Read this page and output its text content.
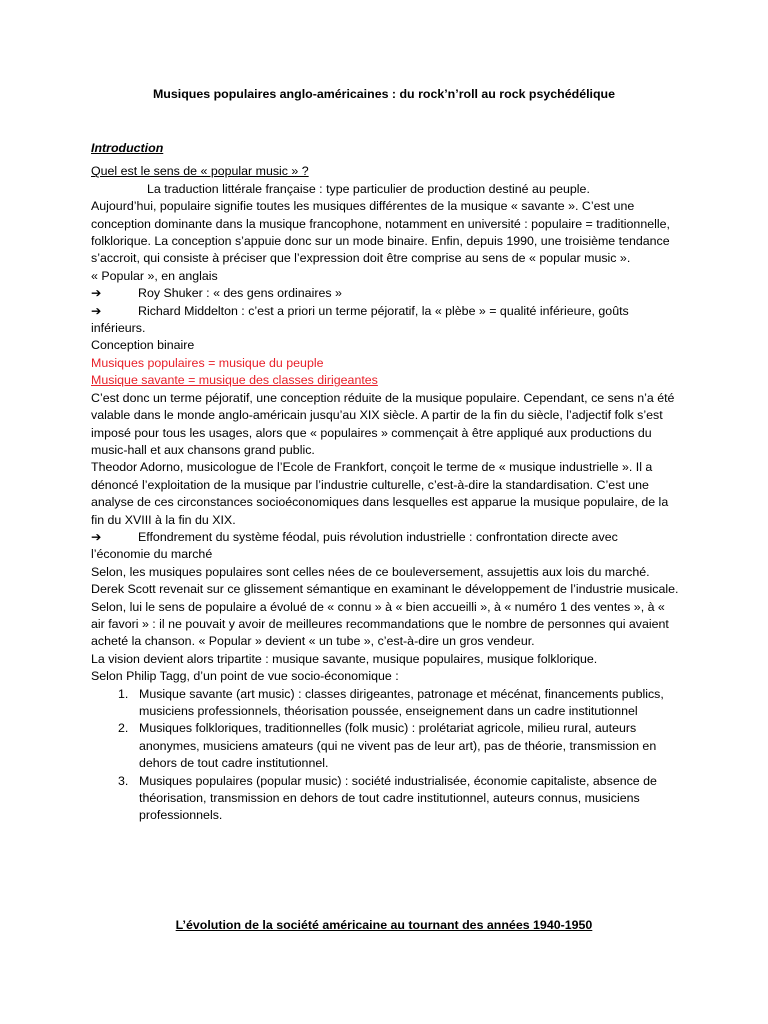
Musiques populaires anglo-américaines : du rock’n’roll au rock psychédélique

Introduction

Quel est le sens de « popular music » ?

La traduction littérale française : type particulier de production destiné au peuple.

Aujourd’hui, populaire signifie toutes les musiques différentes de la musique « savante ». C’est une conception dominante dans la musique francophone, notamment en université : populaire = traditionnelle, folklorique. La conception s’appuie donc sur un mode binaire. Enfin, depuis 1990, une troisième tendance s’accroit, qui consiste à préciser que l’expression doit être comprise au sens de « popular music ».

« Popular », en anglais

➔	Roy Shuker : « des gens ordinaires »
➔	Richard Middelton : c’est a priori un terme péjoratif, la « plèbe » = qualité inférieure, goûts inférieurs.

Conception binaire

Musiques populaires = musique du peuple

Musique savante = musique des classes dirigeantes

C’est donc un terme péjoratif, une conception réduite de la musique populaire. Cependant, ce sens n’a été valable dans le monde anglo-américain jusqu’au XIX siècle. A partir de la fin du siècle, l’adjectif folk s’est imposé pour tous les usages, alors que « populaires » commençait à être appliqué aux productions du music-hall et aux chansons grand public.

Theodor Adorno, musicologue de l’Ecole de Frankfort, conçoit le terme de « musique industrielle ». Il a dénoncé l’exploitation de la musique par l’industrie culturelle, c’est-à-dire la standardisation. C’est une analyse de ces circonstances socioéconomiques dans lesquelles est apparue la musique populaire, de la fin du XVIII à la fin du XIX.

➔	Effondrement du système féodal, puis révolution industrielle : confrontation directe avec l’économie du marché

Selon, les musiques populaires sont celles nées de ce bouleversement, assujettis aux lois du marché.

Derek Scott revenait sur ce glissement sémantique en examinant le développement de l’industrie musicale. Selon, lui le sens de populaire a évolué de « connu » à « bien accueilli », à « numéro 1 des ventes », à « air favori » : il ne pouvait y avoir de meilleures recommandations que le nombre de personnes qui avaient acheté la chanson. « Popular » devient « un tube », c’est-à-dire un gros vendeur.

La vision devient alors tripartite : musique savante, musique populaires, musique folklorique.

Selon Philip Tagg, d’un point de vue socio-économique :

1. Musique savante (art music) : classes dirigeantes, patronage et mécénat, financements publics, musiciens professionnels, théorisation poussée, enseignement dans un cadre institutionnel
2. Musiques folkloriques, traditionnelles (folk music) : prolétariat agricole, milieu rural, auteurs anonymes, musiciens amateurs (qui ne vivent pas de leur art), pas de théorie, transmission en dehors de tout cadre institutionnel.
3. Musiques populaires (popular music) : société industrialisée, économie capitaliste, absence de théorisation, transmission en dehors de tout cadre institutionnel, auteurs connus, musiciens professionnels.
L’évolution de la société américaine au tournant des années 1940-1950
